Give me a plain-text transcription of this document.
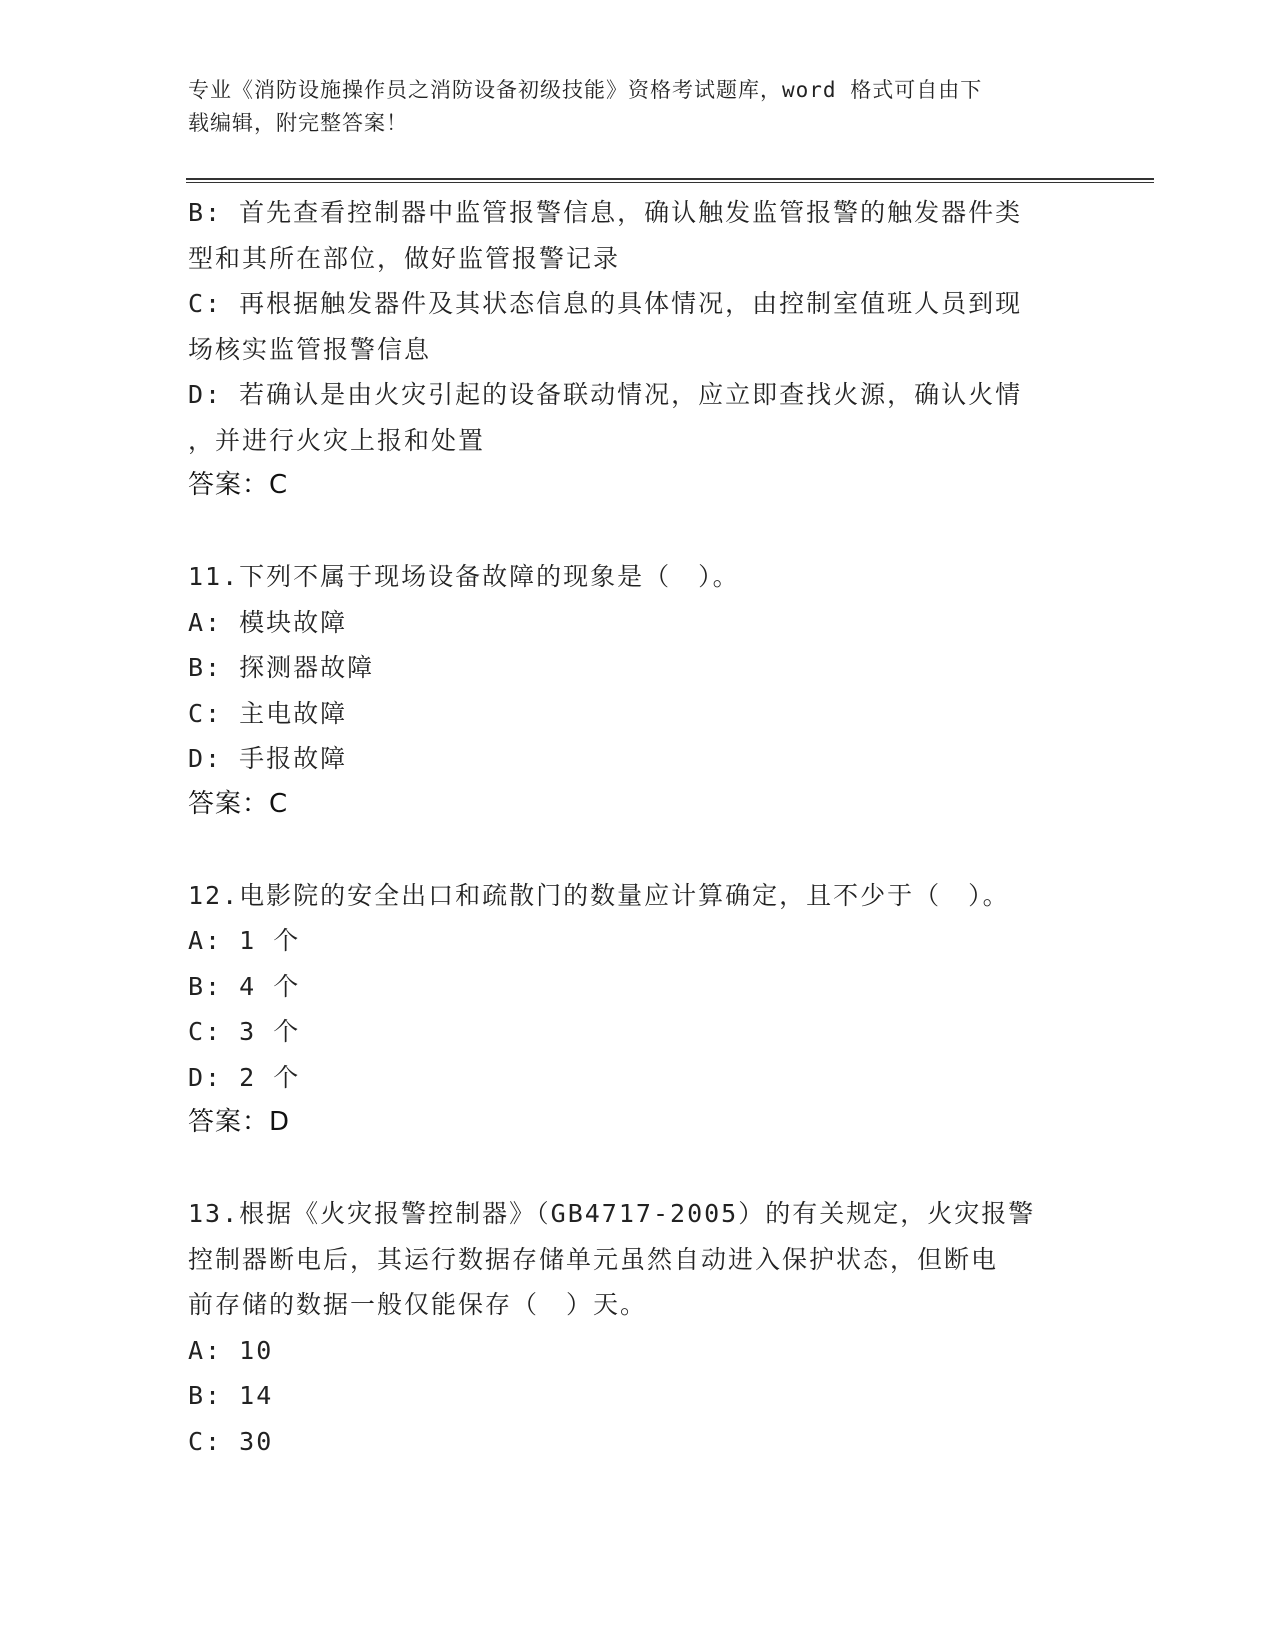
专业《消防设施操作员之消防设备初级技能》资格考试题库，word 格式可自由下
载编辑，附完整答案！
B: 首先查看控制器中监管报警信息，确认触发监管报警的触发器件类
型和其所在部位，做好监管报警记录
C: 再根据触发器件及其状态信息的具体情况，由控制室值班人员到现
场核实监管报警信息
D: 若确认是由火灾引起的设备联动情况，应立即查找火源，确认火情
，并进行火灾上报和处置
答案：C
11.下列不属于现场设备故障的现象是（　）。
A: 模块故障
B: 探测器故障
C: 主电故障
D: 手报故障
答案：C
12.电影院的安全出口和疏散门的数量应计算确定，且不少于（　）。
A: 1 个
B: 4 个
C: 3 个
D: 2 个
答案：D
13.根据《火灾报警控制器》（GB4717-2005）的有关规定，火灾报警
控制器断电后，其运行数据存储单元虽然自动进入保护状态，但断电
前存储的数据一般仅能保存（　）天。
A: 10
B: 14
C: 30
